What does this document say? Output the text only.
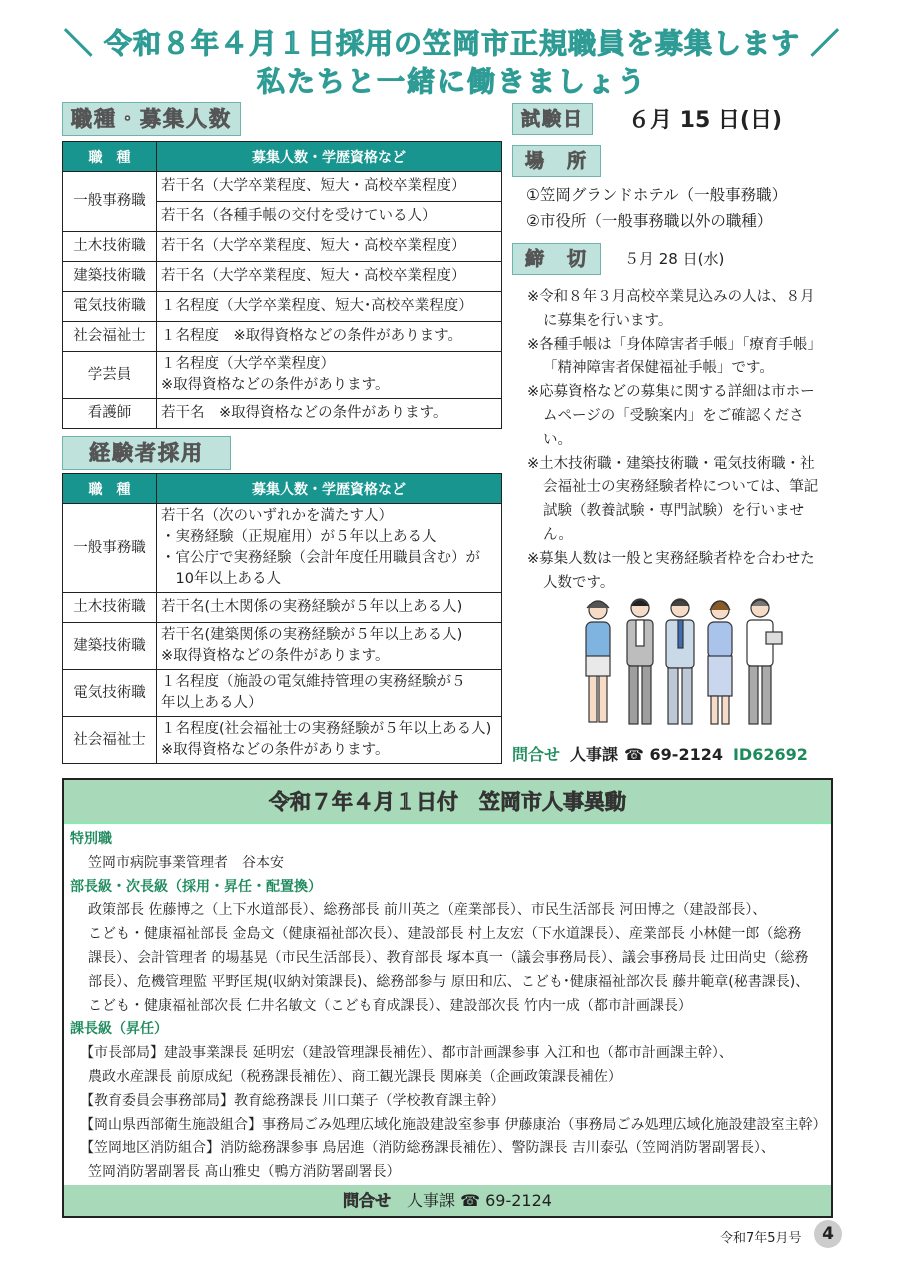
＼ 令和８年４月１日採用の笠岡市正規職員を募集します ／
私たちと一緒に働きましょう
職種・募集人数
職　種	募集人数・学歴資格など
一般事務職	若干名（大学卒業程度、短大・高校卒業程度）
	若干名（各種手帳の交付を受けている人）
土木技術職	若干名（大学卒業程度、短大・高校卒業程度）

建築技術職	若干名（大学卒業程度、短大・高校卒業程度）

電気技術職	１名程度（大学卒業程度、短大･高校卒業程度）

社会福祉士	１名程度　※取得資格などの条件があります。

学芸員	１名程度（大学卒業程度）
※取得資格などの条件があります。

看護師	若干名　※取得資格などの条件があります。
経験者採用
職　種	募集人数・学歴資格など
一般事務職	若干名（次のいずれかを満たす人）
・実務経験（正規雇用）が５年以上ある人
・官公庁で実務経験（会計年度任用職員含む）が
　10年以上ある人

土木技術職	若干名(土木関係の実務経験が５年以上ある人)

建築技術職	若干名(建築関係の実務経験が５年以上ある人)
※取得資格などの条件があります。

電気技術職	１名程度（施設の電気維持管理の実務経験が５
年以上ある人）

社会福祉士	１名程度(社会福祉士の実務経験が５年以上ある人)
※取得資格などの条件があります。
試験日	６月 15 日(日)
場　所
①笠岡グランドホテル（一般事務職）
②市役所（一般事務職以外の職種）
締　切	５月 28 日(水)

※令和８年３月高校卒業見込みの人は、８月に募集を行います。

※各種手帳は「身体障害者手帳」「療育手帳」「精神障害者保健福祉手帳」です。

※応募資格などの募集に関する詳細は市ホームページの「受験案内」をご確認ください。

※土木技術職・建築技術職・電気技術職・社会福祉士の実務経験者枠については、筆記試験（教養試験・専門試験）を行いません。

※募集人数は一般と実務経験者枠を合わせた人数です。

問合せ 人事課 ☎ 69-2124 ID62692
令和７年４月１日付　笠岡市人事異動
特別職
笠岡市病院事業管理者　谷本安
部長級・次長級（採用・昇任・配置換）
政策部長 佐藤博之（上下水道部長）、総務部長 前川英之（産業部長）、市民生活部長 河田博之（建設部長）、
こども・健康福祉部長 金島文（健康福祉部次長）、建設部長 村上友宏（下水道課長）、産業部長 小林健一郎（総務
課長）、会計管理者 的場基晃（市民生活部長）、教育部長 塚本真一（議会事務局長）、議会事務局長 辻田尚史（総務
部長）、危機管理監 平野匡規(収納対策課長)、総務部参与 原田和広、こども･健康福祉部次長 藤井範章(秘書課長)、
こども・健康福祉部次長 仁井名敏文（こども育成課長）、建設部次長 竹内一成（都市計画課長）
課長級（昇任）
【市長部局】建設事業課長 延明宏（建設管理課長補佐）、都市計画課参事 入江和也（都市計画課主幹）、
農政水産課長 前原成紀（税務課長補佐）、商工観光課長 関麻美（企画政策課長補佐）
【教育委員会事務部局】教育総務課長 川口葉子（学校教育課主幹）
【岡山県西部衛生施設組合】事務局ごみ処理広域化施設建設室参事 伊藤康治（事務局ごみ処理広域化施設建設室主幹）
【笠岡地区消防組合】消防総務課参事 鳥居進（消防総務課長補佐）、警防課長 吉川泰弘（笠岡消防署副署長）、
笠岡消防署副署長 髙山雅史（鴨方消防署副署長）
問合せ 人事課 ☎ 69-2124
令和7年5月号	4
